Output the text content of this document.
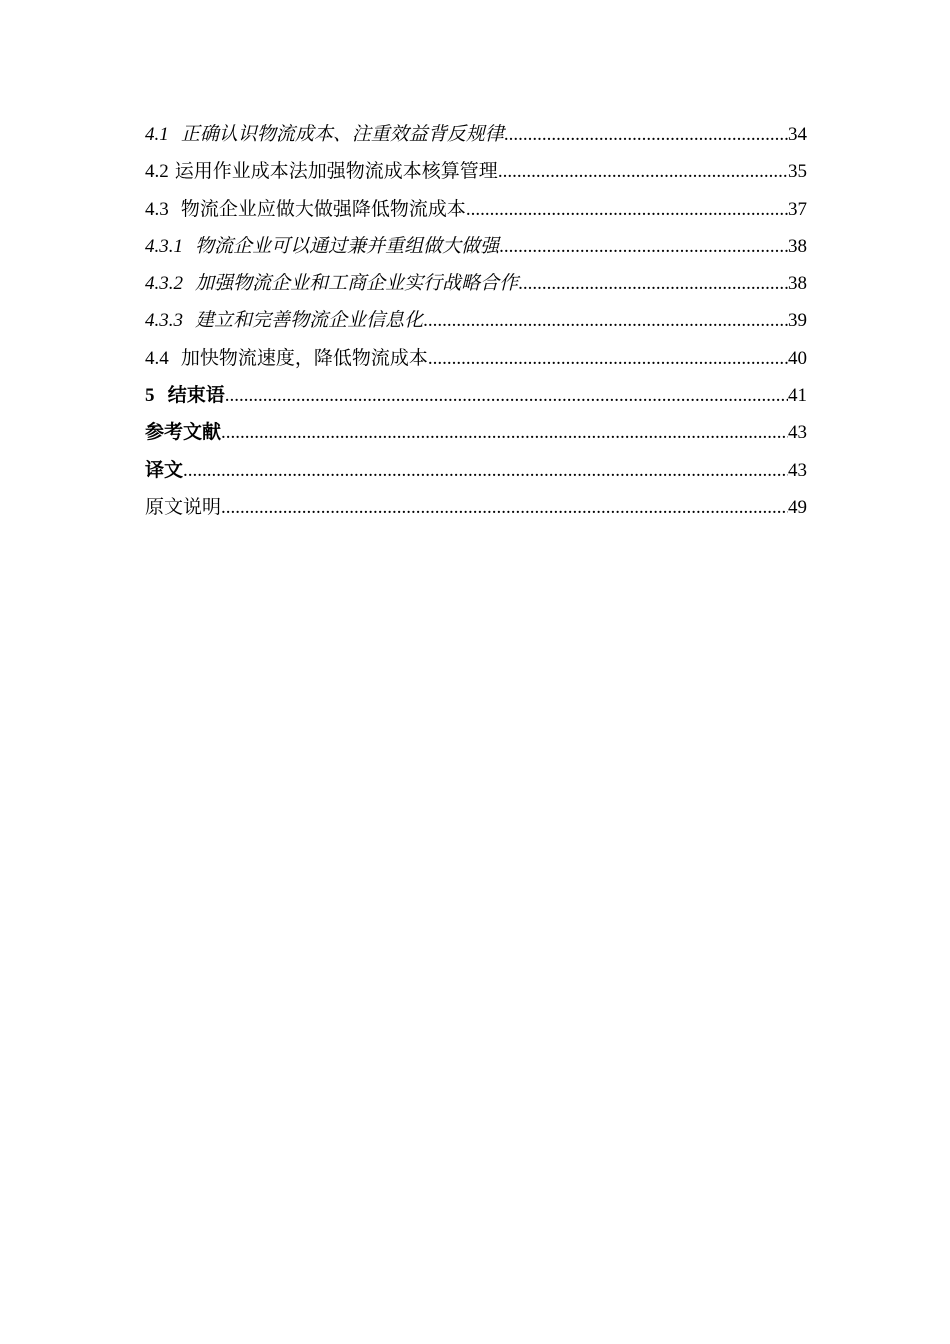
4.1 正确认识物流成本、注重效益背反规律 .....	34
4.2 运用作业成本法加强物流成本核算管理 .....	35
4.3 物流企业应做大做强降低物流成本 .....	37
4.3.1 物流企业可以通过兼并重组做大做强 .....	38
4.3.2 加强物流企业和工商企业实行战略合作 .....	38
4.3.3 建立和完善物流企业信息化 .....	39
4.4 加快物流速度，降低物流成本 .....	40
5 结束语 .....	41
参考文献 .....	43
译文 .....	43
原文说明 .....	49
